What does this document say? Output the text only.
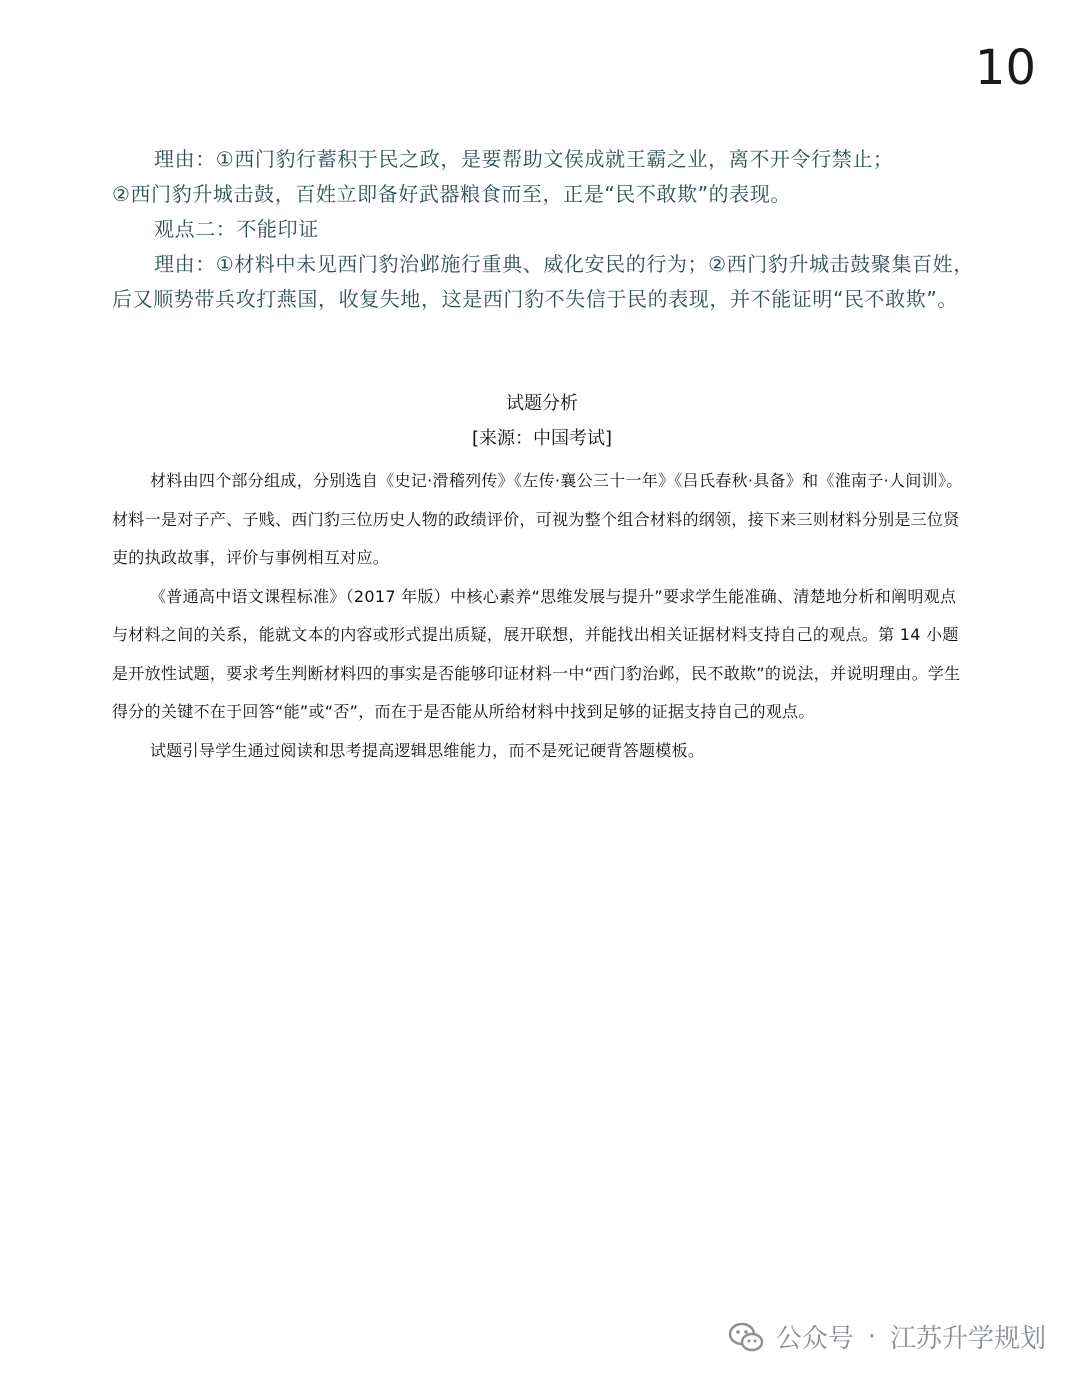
10

理由：①西门豹行蓄积于民之政，是要帮助文侯成就王霸之业，离不开令行禁止；

②西门豹升城击鼓，百姓立即备好武器粮食而至，正是“民不敢欺”的表现。

观点二：不能印证

理由：①材料中未见西门豹治邺施行重典、威化安民的行为；②西门豹升城击鼓聚集百姓，后又顺势带兵攻打燕国，收复失地，这是西门豹不失信于民的表现，并不能证明“民不敢欺”。

试题分析

[来源：中国考试]

材料由四个部分组成，分别选自《史记·滑稽列传》《左传·襄公三十一年》《吕氏春秋·具备》和《淮南子·人间训》。材料一是对子产、子贱、西门豹三位历史人物的政绩评价，可视为整个组合材料的纲领，接下来三则材料分别是三位贤吏的执政故事，评价与事例相互对应。

《普通高中语文课程标准》（2017 年版）中核心素养“思维发展与提升”要求学生能准确、清楚地分析和阐明观点与材料之间的关系，能就文本的内容或形式提出质疑，展开联想，并能找出相关证据材料支持自己的观点。第 14 小题是开放性试题，要求考生判断材料四的事实是否能够印证材料一中“西门豹治邺，民不敢欺”的说法，并说明理由。学生得分的关键不在于回答“能”或“否”，而在于是否能从所给材料中找到足够的证据支持自己的观点。

试题引导学生通过阅读和思考提高逻辑思维能力，而不是死记硬背答题模板。

公众号 · 江苏升学规划
